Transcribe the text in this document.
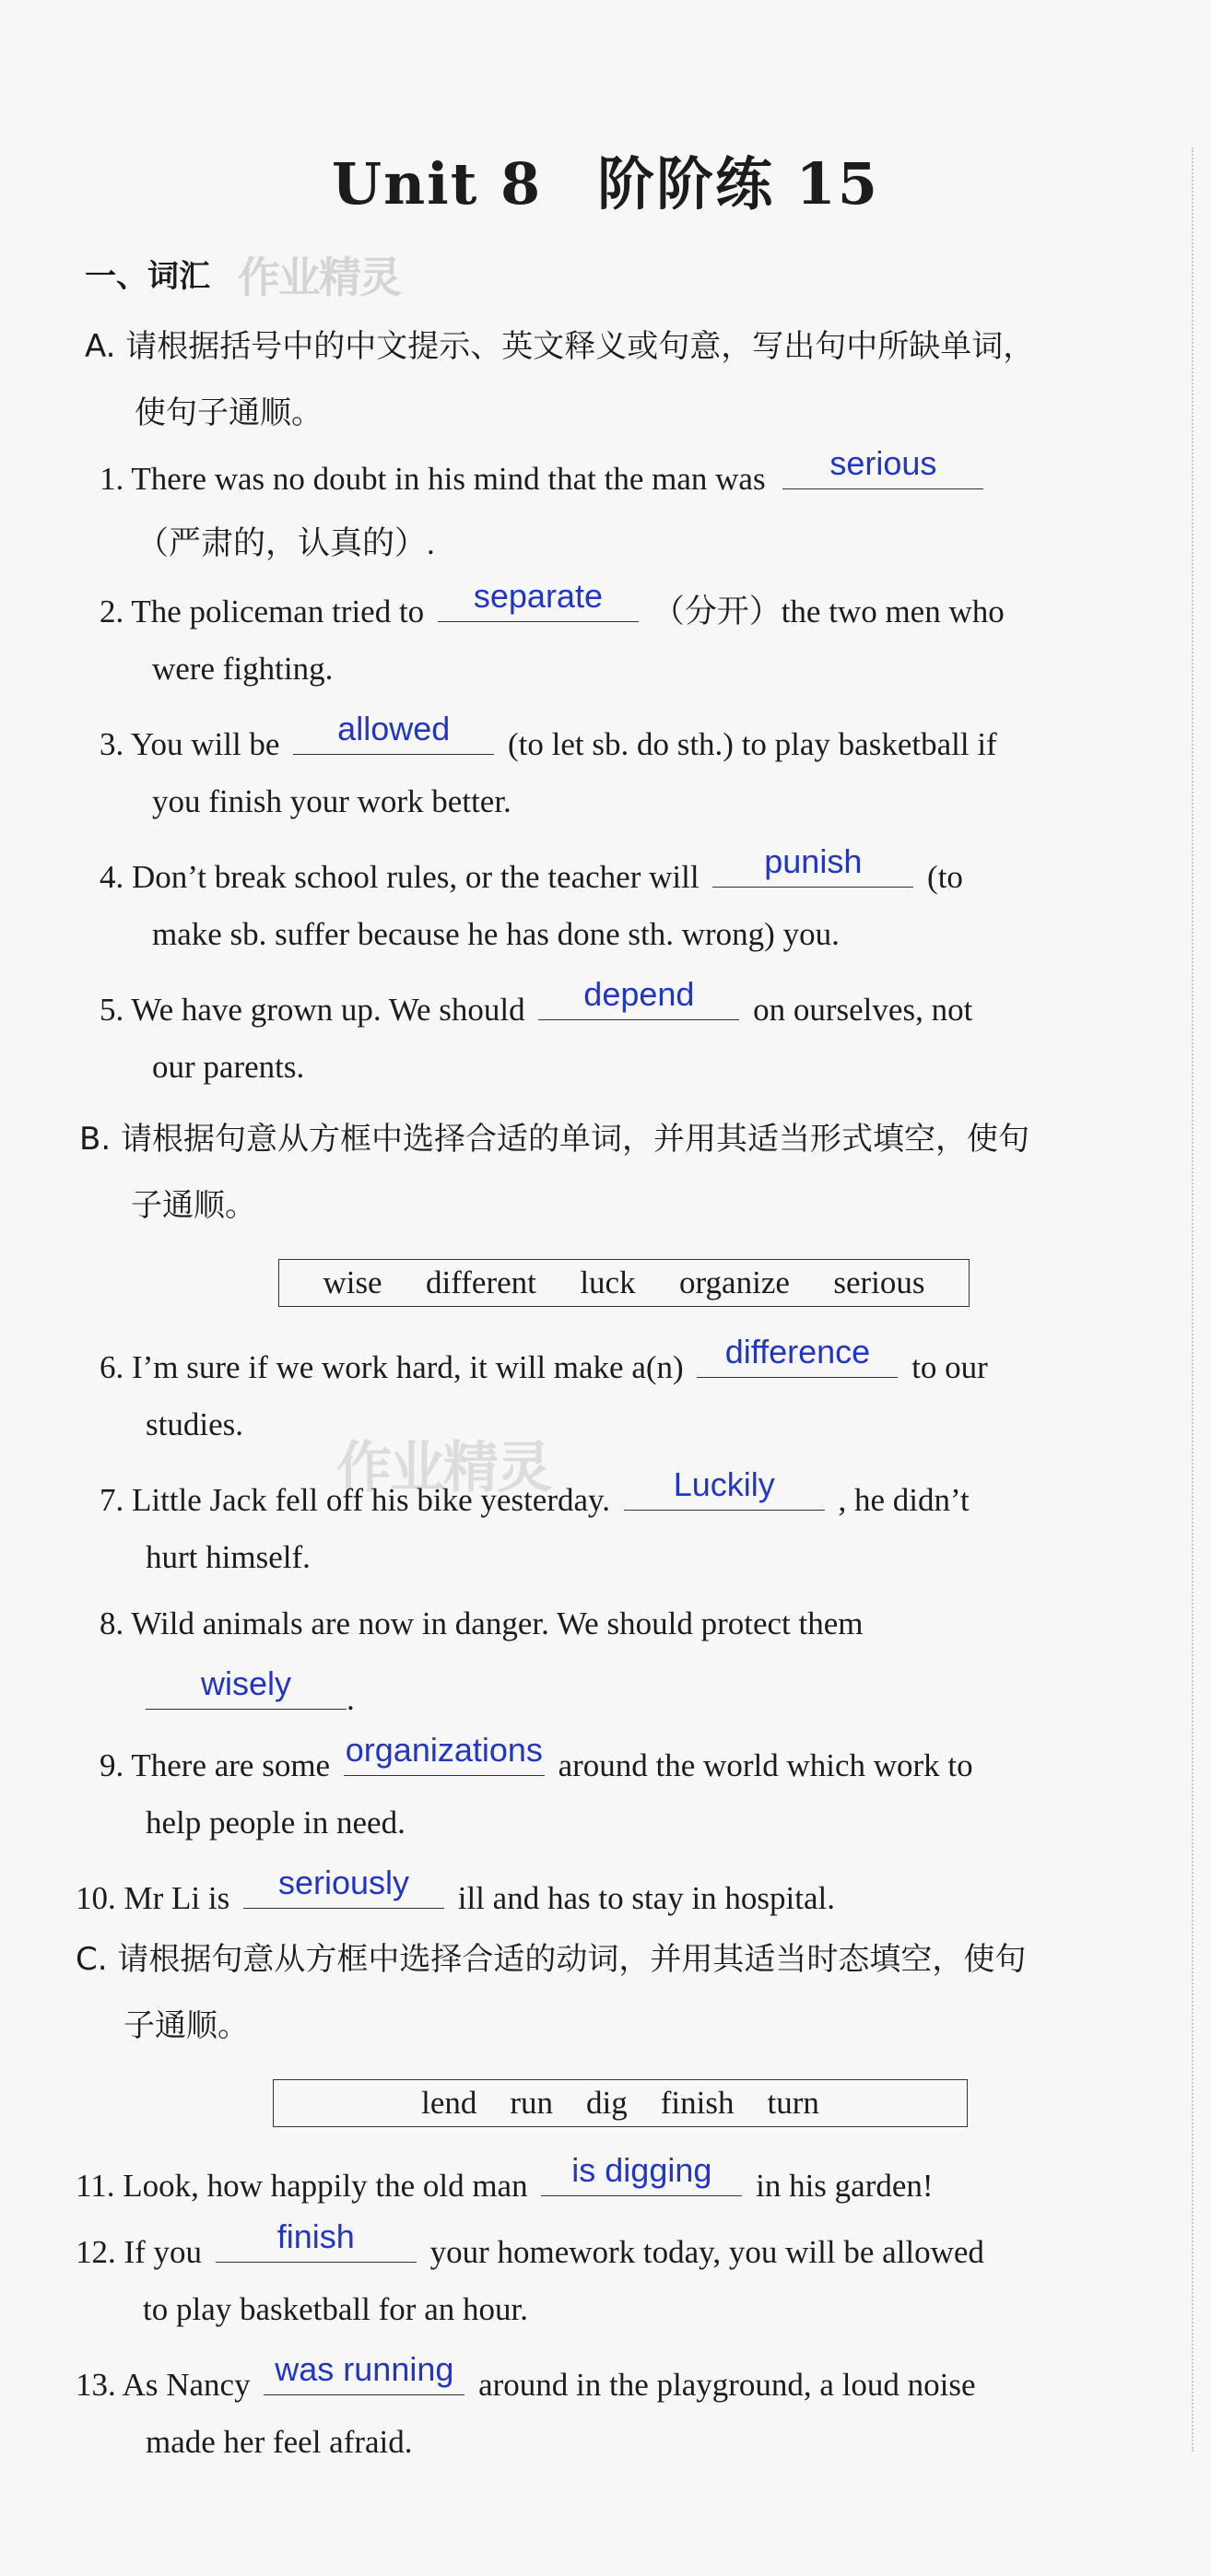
Unit 8 阶阶练 15
一、词汇 作业精灵
作业精灵
A. 请根据括号中的中文提示、英文释义或句意，写出句中所缺单词，
使句子通顺。
1. There was no doubt in his mind that the man was	serious
（严肃的，认真的）.
2. The policeman tried to	separate	（分开）the two men who
were fighting.
3. You will be	allowed	(to let sb. do sth.) to play basketball if
you finish your work better.
4. Don’t break school rules, or the teacher will	punish	(to
make sb. suffer because he has done sth. wrong) you.
5. We have grown up. We should	depend	on ourselves, not
our parents.
B. 请根据句意从方框中选择合适的单词，并用其适当形式填空，使句
子通顺。
wise different luck organize serious
6. I’m sure if we work hard, it will make a(n)	difference	to our
studies.
7. Little Jack fell off his bike yesterday.	Luckily	, he didn’t
hurt himself.
8. Wild animals are now in danger. We should protect them
wisely	.
9. There are some organizations around the world which work to
help people in need.
10. Mr Li is	seriously	ill and has to stay in hospital.
C. 请根据句意从方框中选择合适的动词，并用其适当时态填空，使句
子通顺。
lend run dig finish turn
11. Look, how happily the old man	is digging	in his garden!
12. If you	finish	your homework today, you will be allowed
to play basketball for an hour.
13. As Nancy was running around in the playground, a loud noise
made her feel afraid.
